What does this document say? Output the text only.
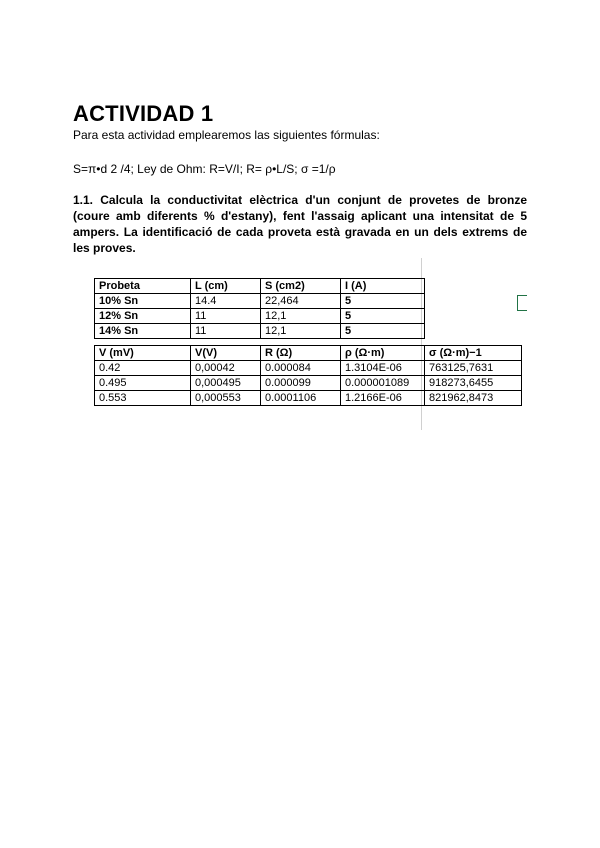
ACTIVIDAD 1
Para esta actividad emplearemos las siguientes fórmulas:
S=π•d 2 /4; Ley de Ohm: R=V/I; R= ρ•L/S; σ =1/ρ
1.1. Calcula la conductivitat elèctrica d'un conjunt de provetes de bronze (coure amb diferents % d'estany), fent l'assaig aplicant una intensitat de 5 ampers. La identificació de cada proveta està gravada en un dels extrems de les proves.
Probeta	L (cm)	S (cm2)	I (A)
10% Sn	14.4	22,464	5
12% Sn	11	12,1	5
14% Sn	11	12,1	5
V (mV)	V(V)	R (Ω)	ρ (Ω·m)	σ (Ω·m)−1
0.42	0,00042	0.000084	1.3104E-06	763125,7631
0.495	0,000495	0.000099	0.000001089	918273,6455
0.553	0,000553	0.0001106	1.2166E-06	821962,8473
